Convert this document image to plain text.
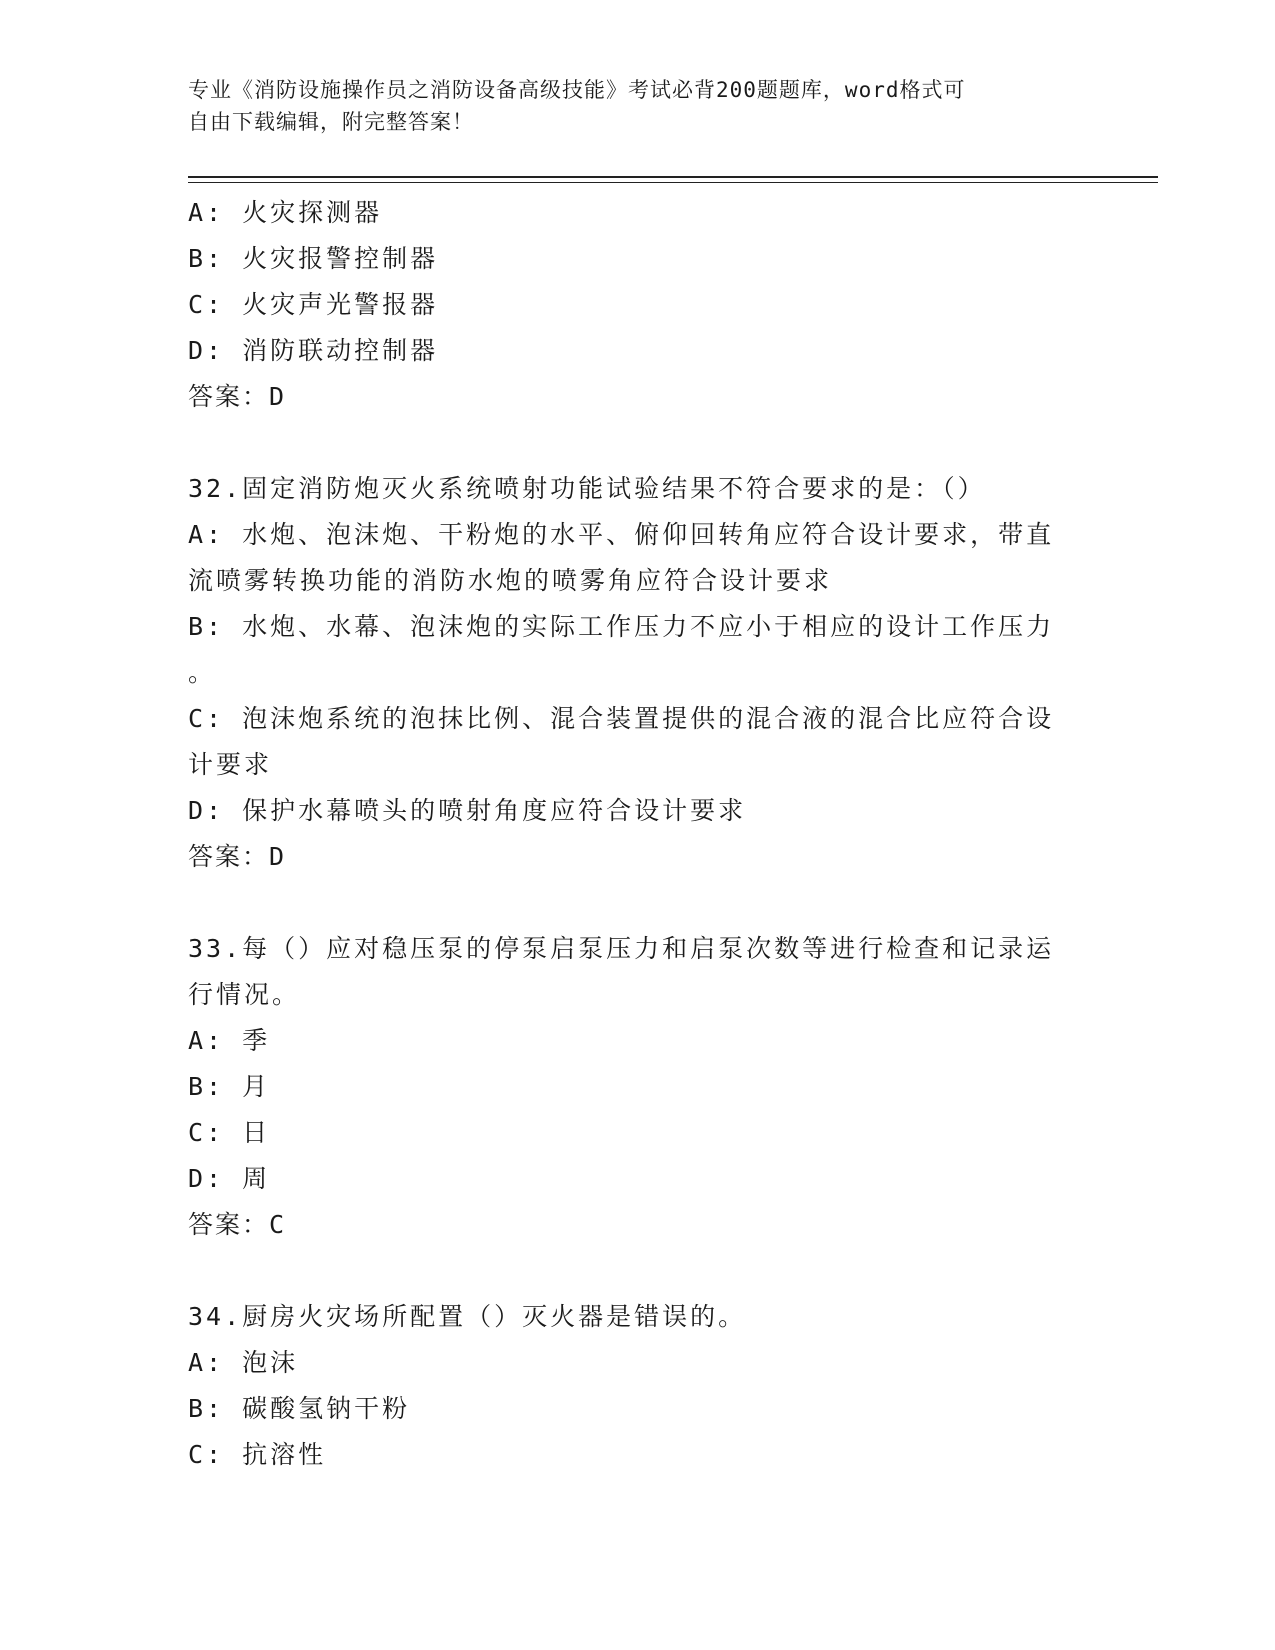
专业《消防设施操作员之消防设备高级技能》考试必背200题题库，word格式可
自由下载编辑，附完整答案！
A: 火灾探测器
B: 火灾报警控制器
C: 火灾声光警报器
D: 消防联动控制器
答案：D
32.固定消防炮灭火系统喷射功能试验结果不符合要求的是：（）
A: 水炮、泡沫炮、干粉炮的水平、俯仰回转角应符合设计要求，带直
流喷雾转换功能的消防水炮的喷雾角应符合设计要求
B: 水炮、水幕、泡沫炮的实际工作压力不应小于相应的设计工作压力
。
C: 泡沫炮系统的泡抹比例、混合装置提供的混合液的混合比应符合设
计要求
D: 保护水幕喷头的喷射角度应符合设计要求
答案：D
33.每（）应对稳压泵的停泵启泵压力和启泵次数等进行检查和记录运
行情况。
A: 季
B: 月
C: 日
D: 周
答案：C
34.厨房火灾场所配置（）灭火器是错误的。
A: 泡沫
B: 碳酸氢钠干粉
C: 抗溶性
